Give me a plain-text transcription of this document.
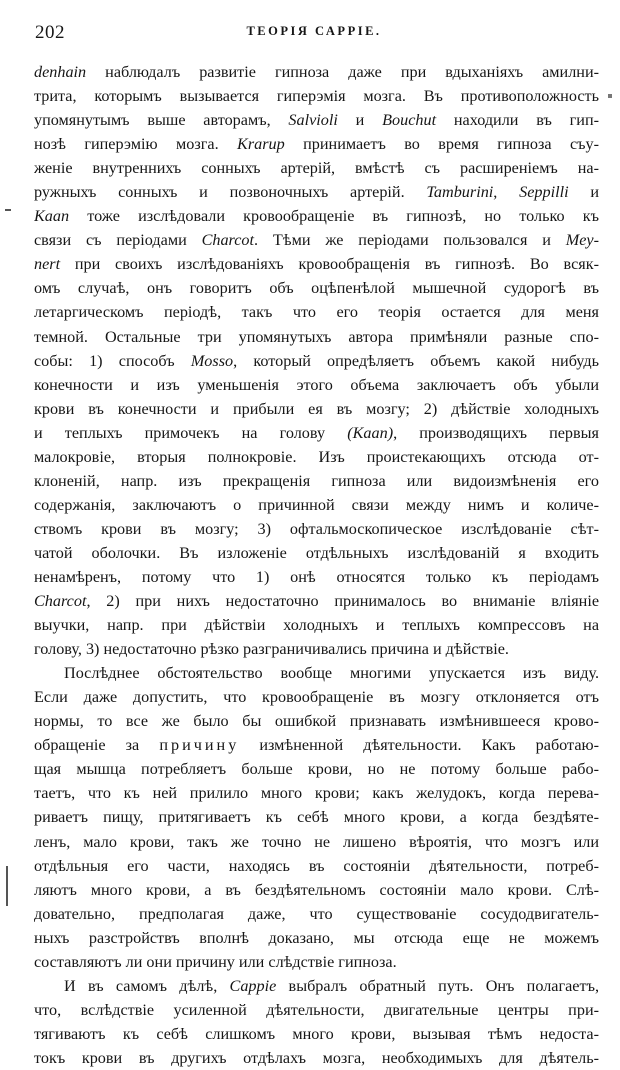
202	ТЕОРІЯ САРРІЕ.
denhain наблюдалъ развитіе гипноза даже при вдыханіяхъ амилни-
трита, которымъ вызывается гиперэмія мозга. Въ противоположность
упомянутымъ выше авторамъ, Salvioli и Bouchut находили въ гип-
нозѣ гиперэмію мозга. Krarup принимаетъ во время гипноза съу-
женіе внутреннихъ сонныхъ артерій, вмѣстѣ съ расширеніемъ на-
ружныхъ сонныхъ и позвоночныхъ артерій. Tamburini, Seppilli и
Kaan тоже изслѣдовали кровообращеніе въ гипнозѣ, но только къ
связи съ періодами Charcot. Тѣми же періодами пользовался и Mey-
nert при своихъ изслѣдованіяхъ кровообращенія въ гипнозѣ. Во всяк-
омъ случаѣ, онъ говоритъ объ оцѣпенѣлой мышечной судорогѣ въ
летаргическомъ періодѣ, такъ что его теорія остается для меня
темной. Остальные три упомянутыхъ автора примѣняли разные спо-
собы: 1) способъ Mosso, который опредѣляетъ объемъ какой нибудь
конечности и изъ уменьшенія этого объема заключаетъ объ убыли
крови въ конечности и прибыли ея въ мозгу; 2) дѣйствіе холодныхъ
и теплыхъ примочекъ на голову (Kaan), производящихъ первыя
малокровіе, вторыя полнокровіе. Изъ проистекающихъ отсюда от-
клоненій, напр. изъ прекращенія гипноза или видоизмѣненія его
содержанія, заключаютъ о причинной связи между нимъ и количе-
ствомъ крови въ мозгу; 3) офтальмоскопическое изслѣдованіе сѣт-
чатой оболочки. Въ изложеніе отдѣльныхъ изслѣдованій я входить
ненамѣренъ, потому что 1) онѣ относятся только къ періодамъ
Charcot, 2) при нихъ недостаточно принималось во вниманіе вліяніе
выучки, напр. при дѣйствіи холодныхъ и теплыхъ компрессовъ на
голову, 3) недостаточно рѣзко разграничивались причина и дѣйствіе.
Послѣднее обстоятельство вообще многими упускается изъ виду.
Если даже допустить, что кровообращеніе въ мозгу отклоняется отъ
нормы, то все же было бы ошибкой признавать измѣнившееся крово-
обращеніе за причину измѣненной дѣятельности. Какъ работаю-
щая мышца потребляетъ больше крови, но не потому больше рабо-
таетъ, что къ ней прилило много крови; какъ желудокъ, когда перева-
риваетъ пищу, притягиваетъ къ себѣ много крови, а когда бездѣяте-
ленъ, мало крови, такъ же точно не лишено вѣроятія, что мозгъ или
отдѣльныя его части, находясь въ состояніи дѣятельности, потреб-
ляютъ много крови, а въ бездѣятельномъ состояніи мало крови. Слѣ-
довательно, предполагая даже, что существованіе сосудодвигатель-
ныхъ разстройствъ вполнѣ доказано, мы отсюда еще не можемъ
составляютъ ли они причину или слѣдствіе гипноза.
И въ самомъ дѣлѣ, Cappie выбралъ обратный путь. Онъ полагаетъ,
что, вслѣдствіе усиленной дѣятельности, двигательные центры при-
тягиваютъ къ себѣ слишкомъ много крови, вызывая тѣмъ недоста-
токъ крови въ другихъ отдѣлахъ мозга, необходимыхъ для дѣятель-
